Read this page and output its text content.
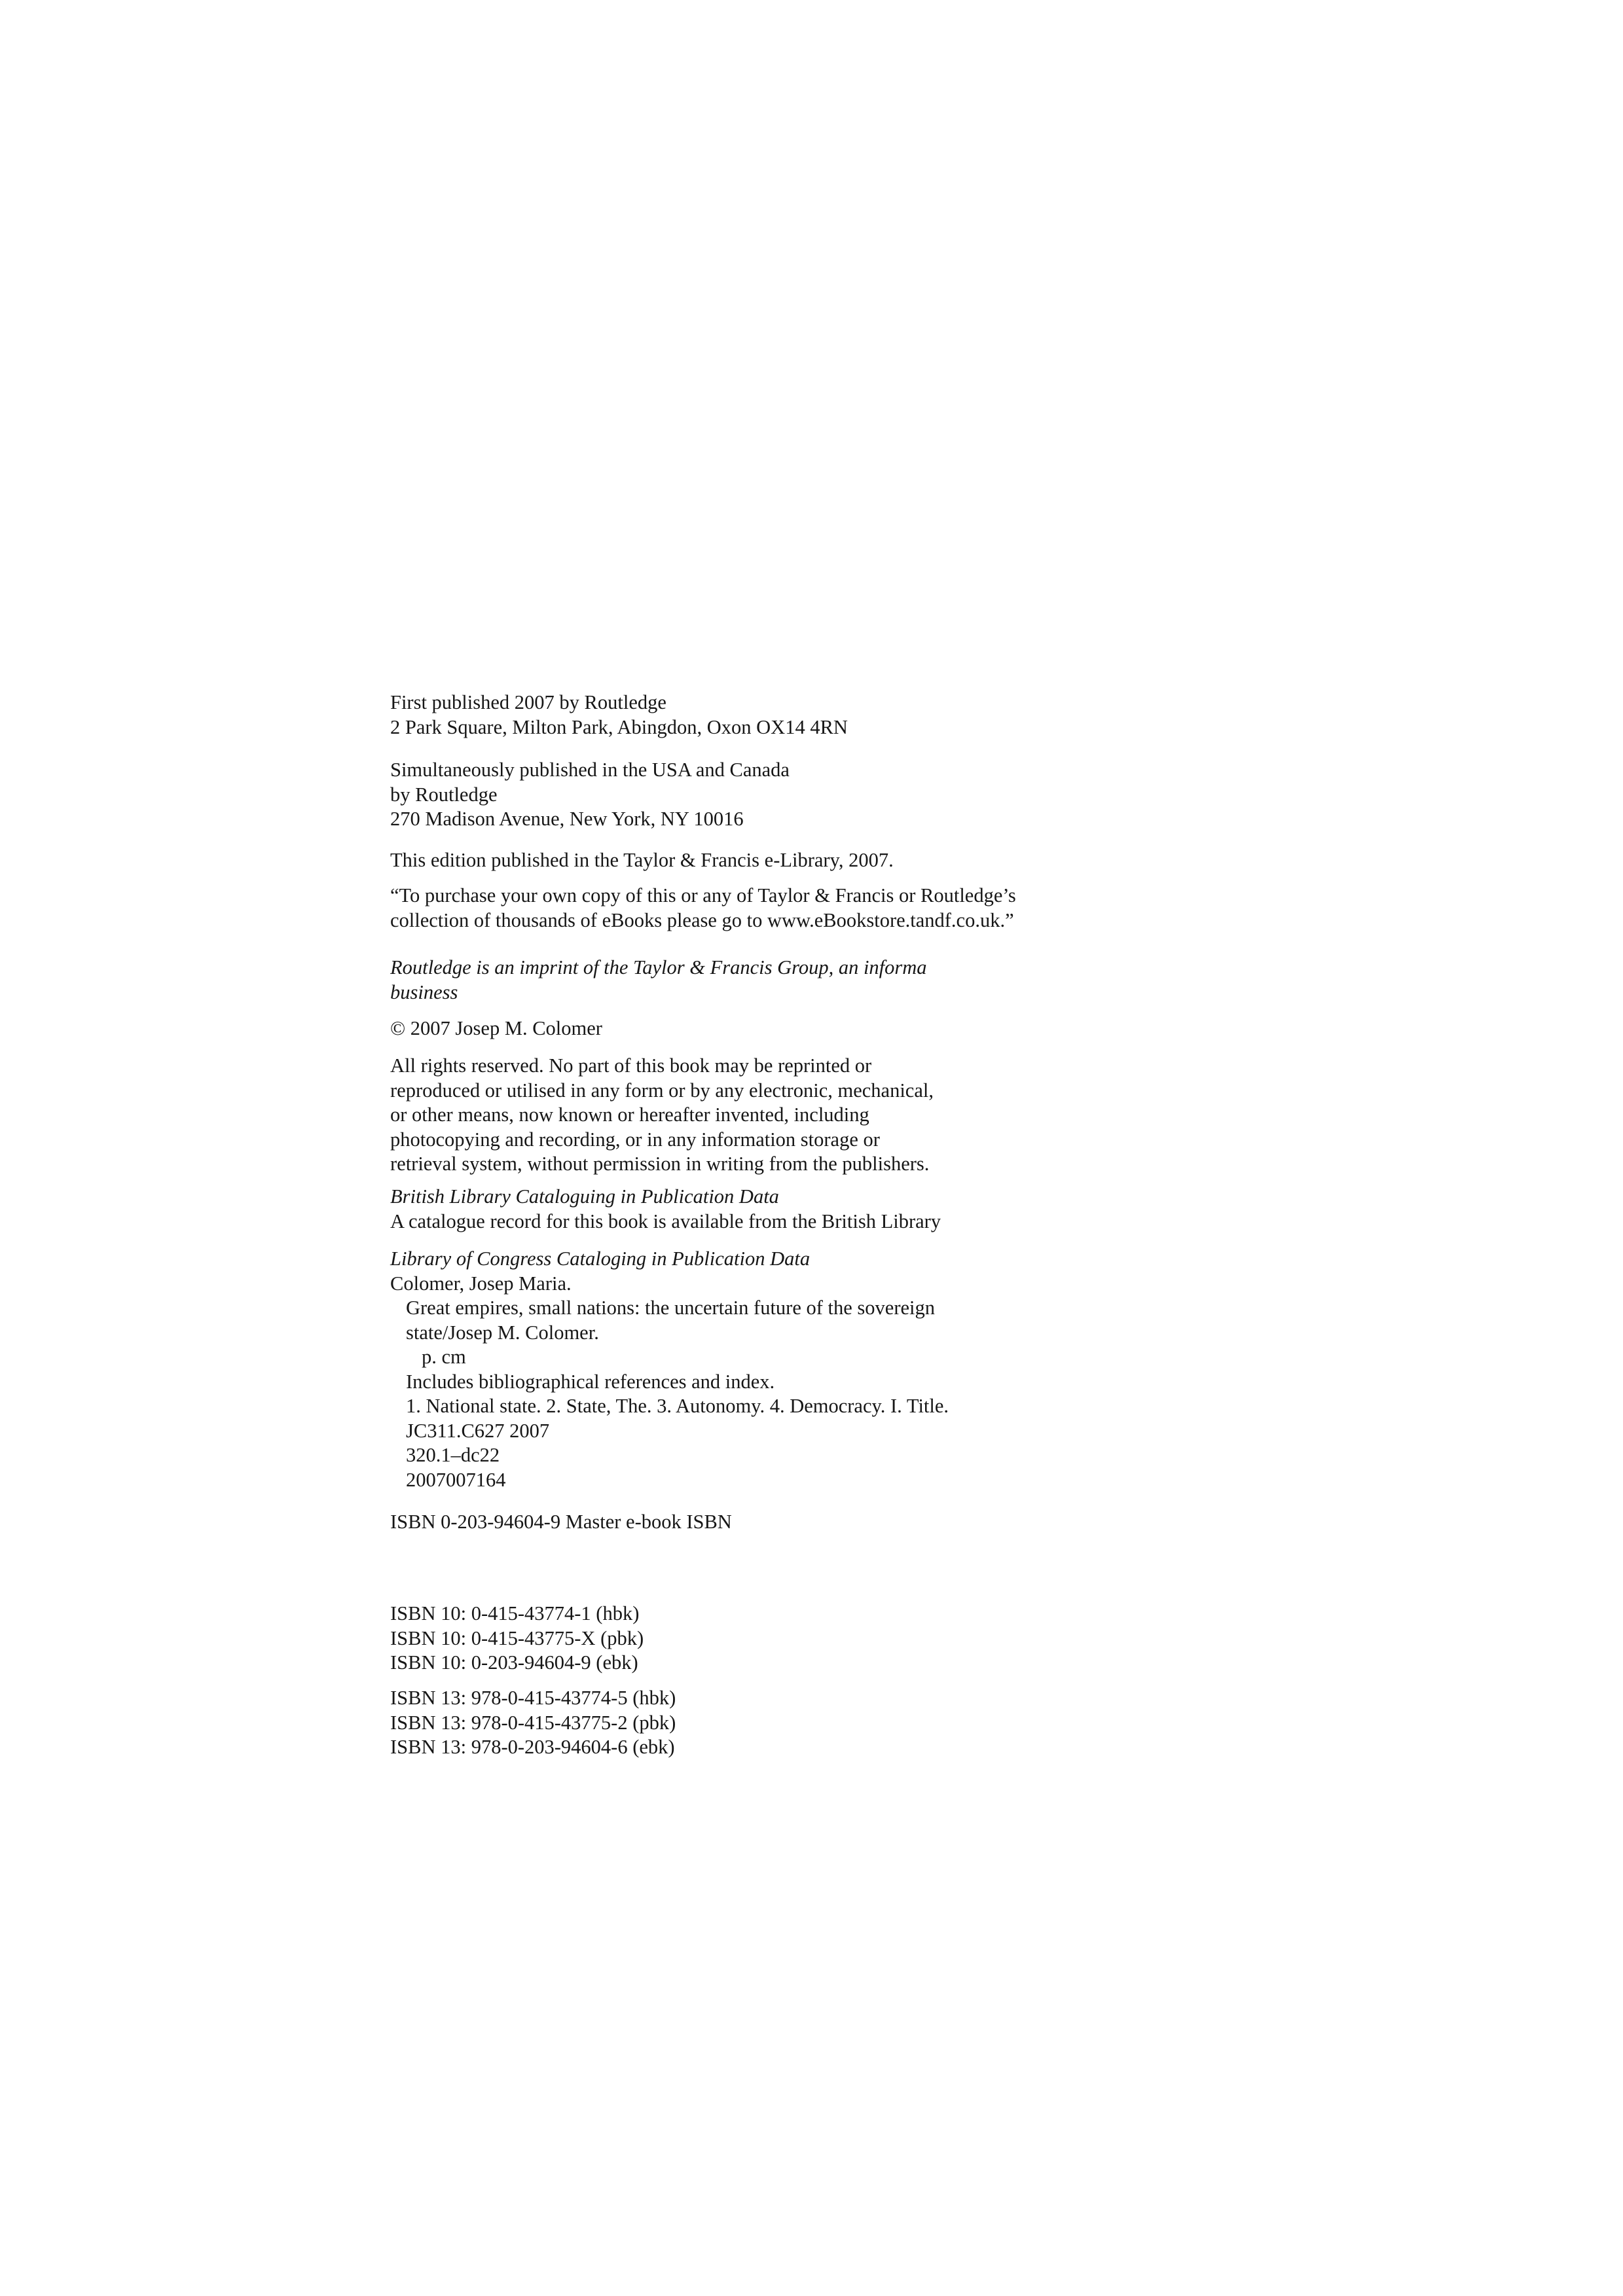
First published 2007 by Routledge
2 Park Square, Milton Park, Abingdon, Oxon OX14 4RN

Simultaneously published in the USA and Canada
by Routledge
270 Madison Avenue, New York, NY 10016

This edition published in the Taylor & Francis e-Library, 2007.

“To purchase your own copy of this or any of Taylor & Francis or Routledge’s
collection of thousands of eBooks please go to www.eBookstore.tandf.co.uk.”

Routledge is an imprint of the Taylor & Francis Group, an informa
business

© 2007 Josep M. Colomer

All rights reserved. No part of this book may be reprinted or
reproduced or utilised in any form or by any electronic, mechanical,
or other means, now known or hereafter invented, including
photocopying and recording, or in any information storage or
retrieval system, without permission in writing from the publishers.

British Library Cataloguing in Publication Data
A catalogue record for this book is available from the British Library

Library of Congress Cataloging in Publication Data
Colomer, Josep Maria.
Great empires, small nations: the uncertain future of the sovereign
state/Josep M. Colomer.
p. cm
Includes bibliographical references and index.
1. National state. 2. State, The. 3. Autonomy. 4. Democracy. I. Title.
JC311.C627 2007
320.1–dc22
2007007164

ISBN 0-203-94604-9 Master e-book ISBN

ISBN 10: 0-415-43774-1 (hbk)
ISBN 10: 0-415-43775-X (pbk)
ISBN 10: 0-203-94604-9 (ebk)

ISBN 13: 978-0-415-43774-5 (hbk)
ISBN 13: 978-0-415-43775-2 (pbk)
ISBN 13: 978-0-203-94604-6 (ebk)
